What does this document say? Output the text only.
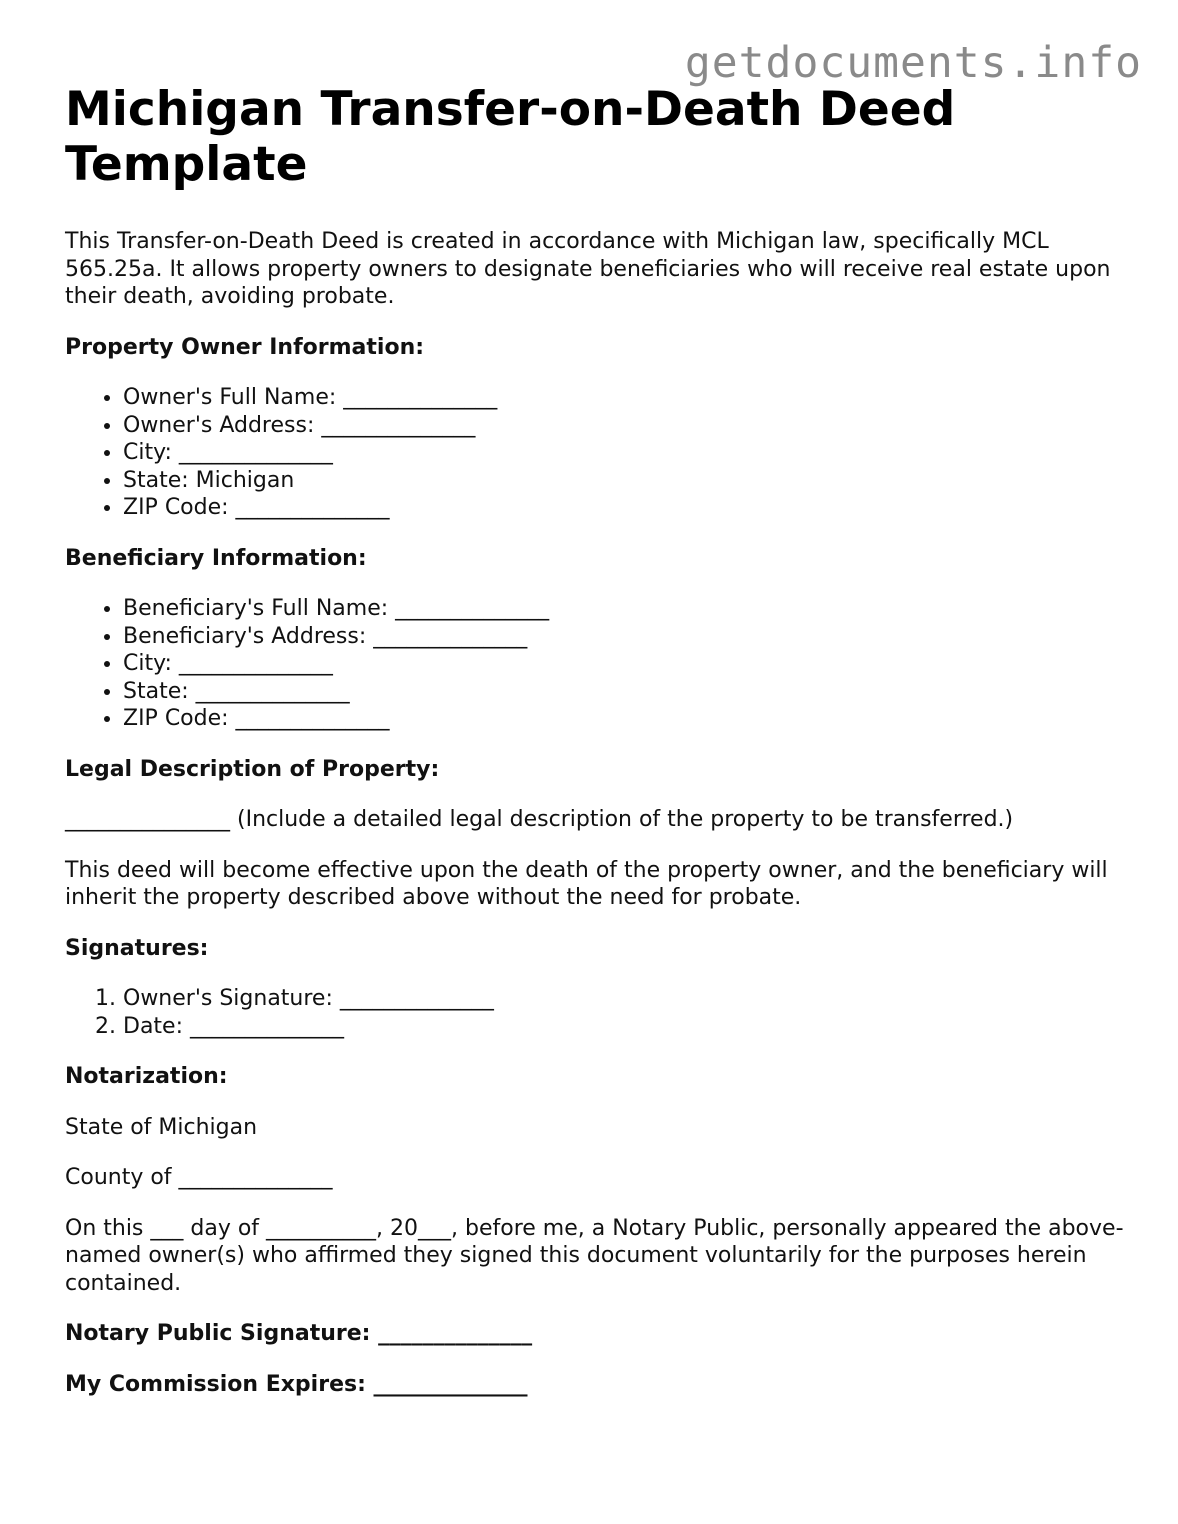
getdocuments.info
Michigan Transfer-on-Death Deed Template

This Transfer-on-Death Deed is created in accordance with Michigan law, specifically MCL 565.25a. It allows property owners to designate beneficiaries who will receive real estate upon their death, avoiding probate.

Property Owner Information:
• Owner's Full Name: ______________
• Owner's Address: ______________
• City: ______________
• State: Michigan
• ZIP Code: ______________
Beneficiary Information:
• Beneficiary's Full Name: ______________
• Beneficiary's Address: ______________
• City: ______________
• State: ______________
• ZIP Code: ______________
Legal Description of Property:

_______________ (Include a detailed legal description of the property to be transferred.)

This deed will become effective upon the death of the property owner, and the beneficiary will inherit the property described above without the need for probate.

Signatures:
1. Owner's Signature: ______________
2. Date: ______________
Notarization:

State of Michigan

County of ______________

On this ___ day of __________, 20___, before me, a Notary Public, personally appeared the above-named owner(s) who affirmed they signed this document voluntarily for the purposes herein contained.

Notary Public Signature: ______________
My Commission Expires: ______________
